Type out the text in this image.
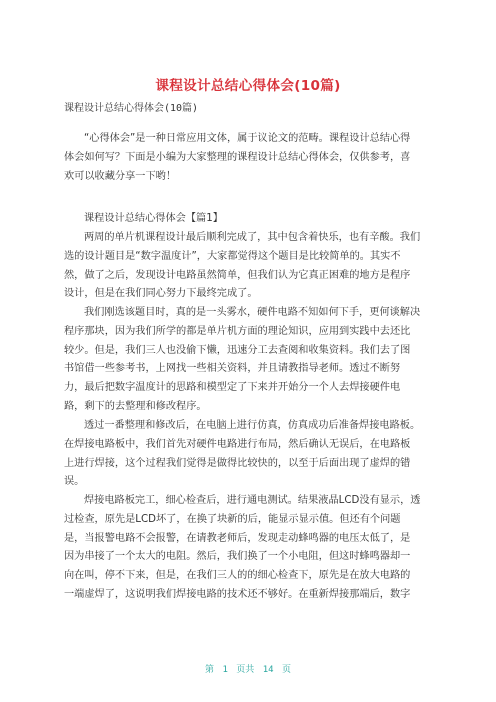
课程设计总结心得体会(10篇)
课程设计总结心得体会(10篇)
“心得体会”是一种日常应用文体，属于议论文的范畴。课程设计总结心得
体会如何写？下面是小编为大家整理的课程设计总结心得体会，仅供参考，喜
欢可以收藏分享一下哟！
课程设计总结心得体会【篇1】
两周的单片机课程设计最后顺利完成了，其中包含着快乐，也有辛酸。我们
选的设计题目是“数字温度计”，大家都觉得这个题目是比较简单的。其实不
然，做了之后，发现设计电路虽然简单，但我们认为它真正困难的地方是程序
设计，但是在我们同心努力下最终完成了。
我们刚选该题目时，真的是一头雾水，硬件电路不知如何下手，更何谈解决
程序那块，因为我们所学的都是单片机方面的理论知识，应用到实践中去还比
较少。但是，我们三人也没偷下懒，迅速分工去查阅和收集资料。我们去了图
书馆借一些参考书，上网找一些相关资料，并且请教指导老师。透过不断努
力，最后把数字温度计的思路和模型定了下来并开始分一个人去焊接硬件电
路，剩下的去整理和修改程序。
透过一番整理和修改后，在电脑上进行仿真，仿真成功后准备焊接电路板。
在焊接电路板中，我们首先对硬件电路进行布局，然后确认无误后，在电路板
上进行焊接，这个过程我们觉得是做得比较快的，以至于后面出现了虚焊的错
误。
焊接电路板完工，细心检查后，进行通电测试。结果液晶LCD没有显示，透
过检查，原先是LCD坏了，在换了块新的后，能显示显示值。但还有个问题
是，当报警电路不会报警，在请教老师后，发现走动蜂鸣器的电压太低了，是
因为串接了一个太大的电阻。然后，我们换了一个小电阻，但这时蜂鸣器却一
向在叫，停不下来，但是，在我们三人的的细心检查下，原先是在放大电路的
一端虚焊了，这说明我们焊接电路的技术还不够好。在重新焊接那端后，数字
第 1 页共 14 页
